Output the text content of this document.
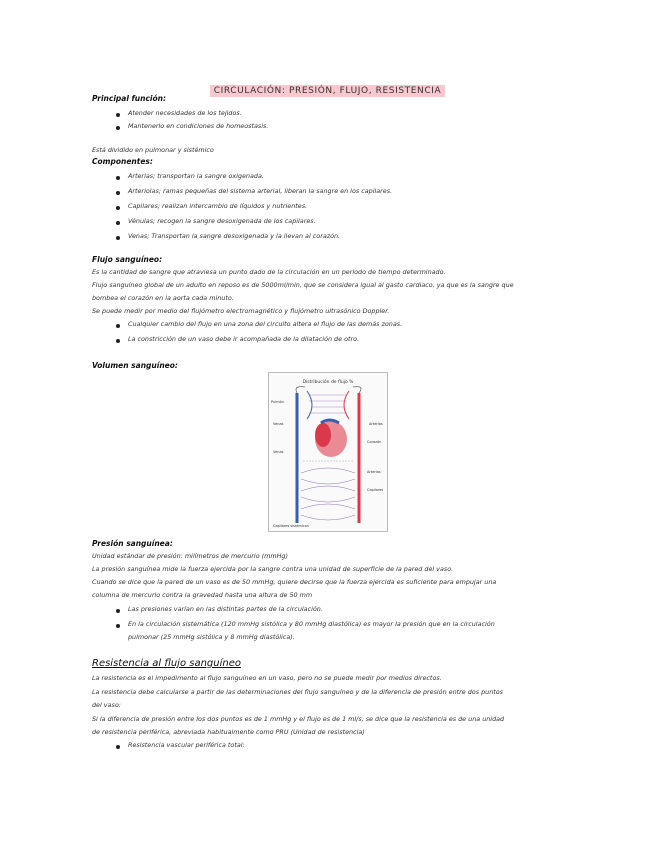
CIRCULACIÓN: PRESIÓN, FLUJO, RESISTENCIA
Principal función:
Atender necesidades de los tejidos.
Mantenerlo en condiciones de homeostasis.
Está dividido en pulmonar y sistémico
Componentes:
Arterias; transportan la sangre oxigenada.
Arteriolas; ramas pequeñas del sistema arterial, liberan la sangre en los capilares.
Capilares; realizan intercambio de líquidos y nutrientes.
Vénulas; recogen la sangre desoxigenada de los capilares.
Venas; Transportan la sangre desoxigenada y la llevan al corazón.
Flujo sanguíneo:
Es la cantidad de sangre que atraviesa un punto dado de la circulación en un periodo de tiempo determinado.
Flujo sanguíneo global de un adulto en reposo es de 5000ml/min, que se considera igual al gasto cardiaco, ya que es la sangre que
bombea el corazón en la aorta cada minuto.
Se puede medir por medio del flujómetro electromagnético y flujómetro ultrasónico Doppler.
Cualquier cambio del flujo en una zona del circuito altera el flujo de las demás zonas.
La constricción de un vaso debe ir acompañada de la dilatación de otro.
Volumen sanguíneo:
Distribución de flujo %
Venas	Arterias
Venas
Arterias
Pulmón
Corazón
Capilares
Capilares sistémicos
Presión sanguínea:
Unidad estándar de presión: milímetros de mercurio (mmHg)
La presión sanguínea mide la fuerza ejercida por la sangre contra una unidad de superficie de la pared del vaso.
Cuando se dice que la pared de un vaso es de 50 mmHg, quiere decirse que la fuerza ejercida es suficiente para empujar una
columna de mercurio contra la gravedad hasta una altura de 50 mm
Las presiones varían en las distintas partes de la circulación.
En la circulación sistemática (120 mmHg sistólica y 80 mmHg diastólica) es mayor la presión que en la circulación
pulmonar (25 mmHg sistólica y 8 mmHg diastólica).
Resistencia al flujo sanguíneo
La resistencia es el impedimento al flujo sanguíneo en un vaso, pero no se puede medir por medios directos.
La resistencia debe calcularse a partir de las determinaciones del flujo sanguíneo y de la diferencia de presión entre dos puntos
del vaso:
Si la diferencia de presión entre los dos puntos es de 1 mmHg y el flujo es de 1 ml/s, se dice que la resistencia es de una unidad
de resistencia periférica, abreviada habitualmente como PRU (Unidad de resistencia)
Resistencia vascular periférica total:
